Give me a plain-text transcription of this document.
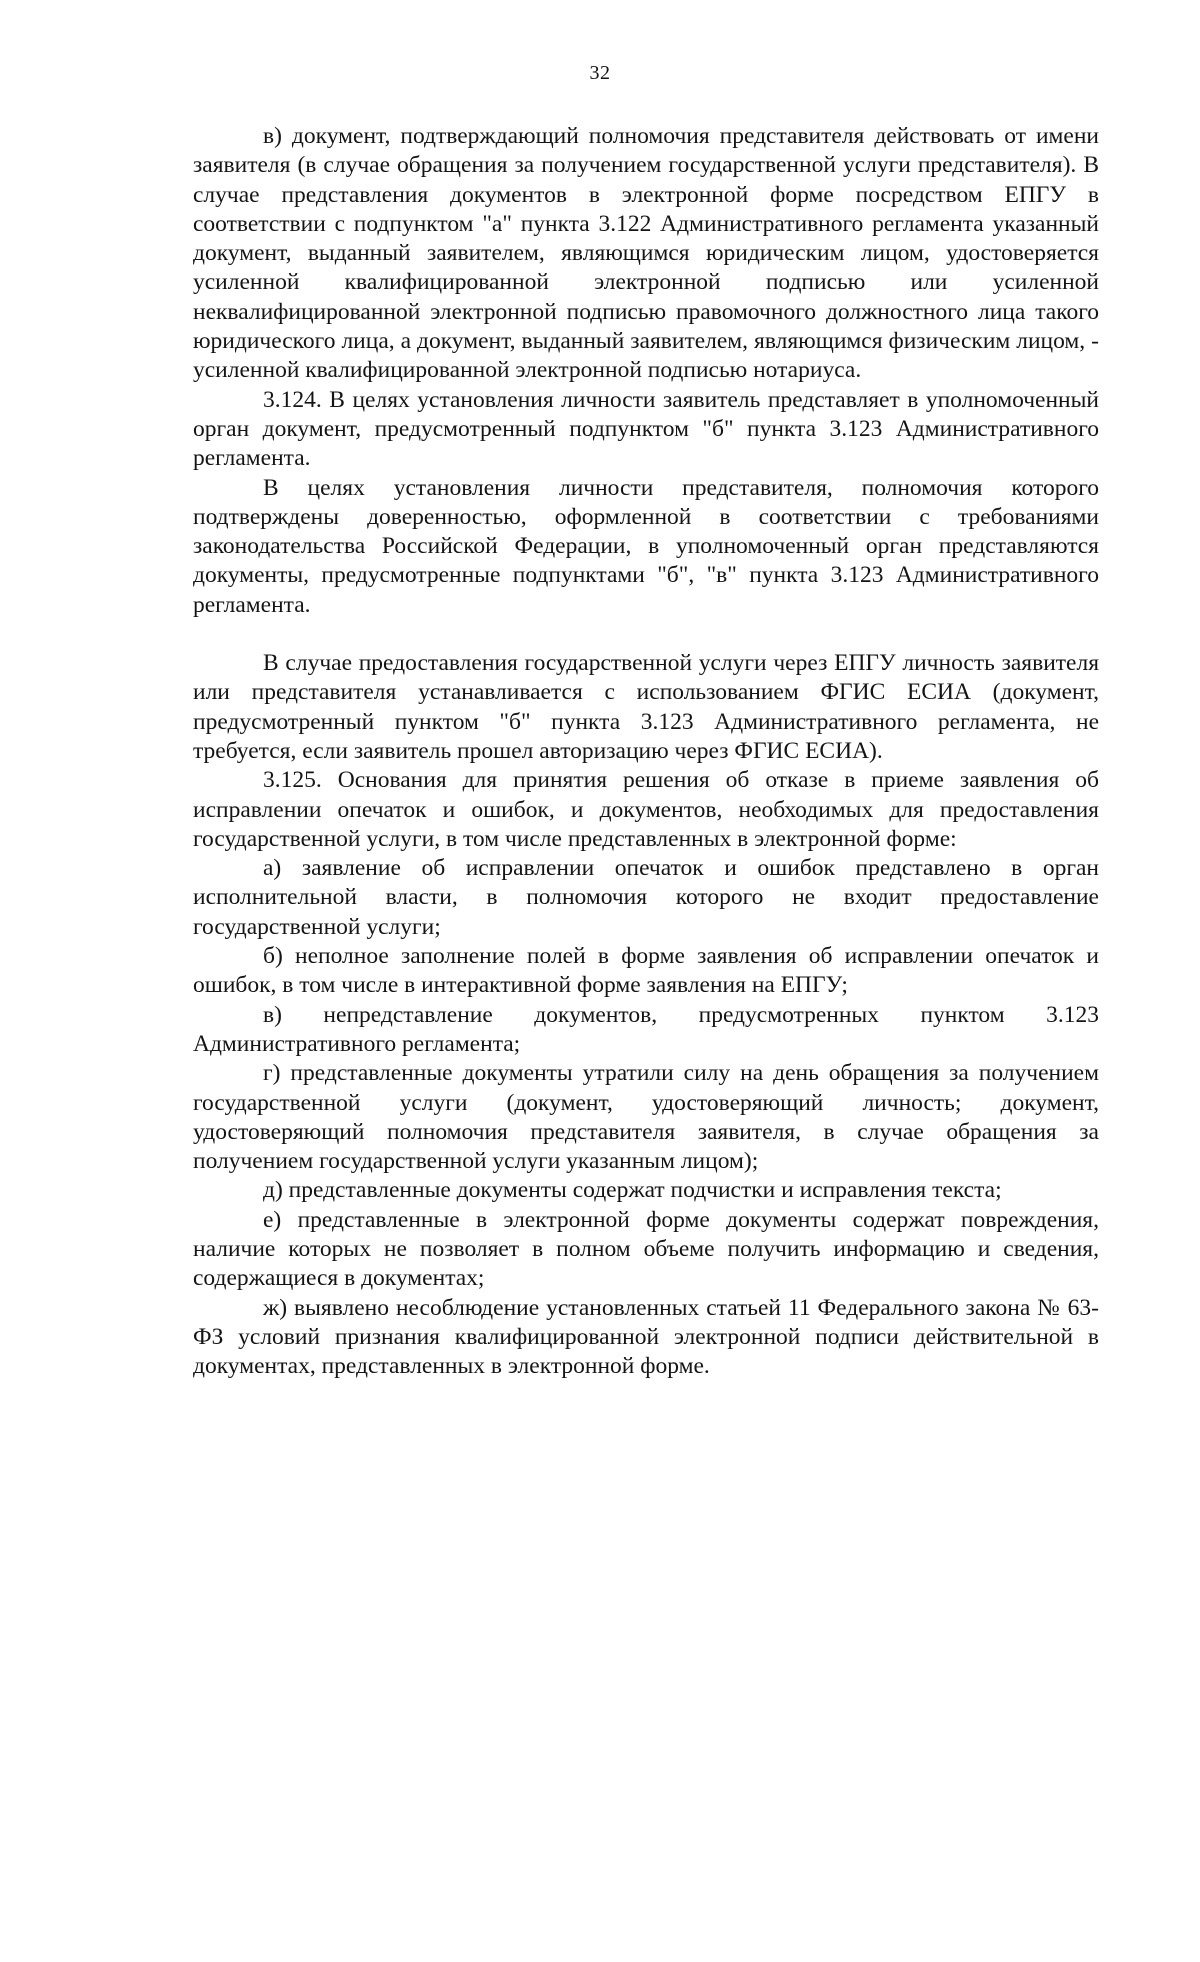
32

в) документ, подтверждающий полномочия представителя действовать от имени заявителя (в случае обращения за получением государственной услуги представителя). В случае представления документов в электронной форме посредством ЕПГУ в соответствии с подпунктом "а" пункта 3.122 Административного регламента указанный документ, выданный заявителем, являющимся юридическим лицом, удостоверяется усиленной квалифицированной электронной подписью или усиленной неквалифицированной электронной подписью правомочного должностного лица такого юридического лица, а документ, выданный заявителем, являющимся физическим лицом, - усиленной квалифицированной электронной подписью нотариуса.

3.124. В целях установления личности заявитель представляет в уполномоченный орган документ, предусмотренный подпунктом "б" пункта 3.123 Административного регламента.

В целях установления личности представителя, полномочия которого подтверждены доверенностью, оформленной в соответствии с требованиями законодательства Российской Федерации, в уполномоченный орган представляются документы, предусмотренные подпунктами "б", "в" пункта 3.123 Административного регламента.

В случае предоставления государственной услуги через ЕПГУ личность заявителя или представителя устанавливается с использованием ФГИС ЕСИА (документ, предусмотренный пунктом "б" пункта 3.123 Административного регламента, не требуется, если заявитель прошел авторизацию через ФГИС ЕСИА).

3.125. Основания для принятия решения об отказе в приеме заявления об исправлении опечаток и ошибок, и документов, необходимых для предоставления государственной услуги, в том числе представленных в электронной форме:

а) заявление об исправлении опечаток и ошибок представлено в орган исполнительной власти, в полномочия которого не входит предоставление государственной услуги;

б) неполное заполнение полей в форме заявления об исправлении опечаток и ошибок, в том числе в интерактивной форме заявления на ЕПГУ;

в) непредставление документов, предусмотренных пунктом 3.123 Административного регламента;

г) представленные документы утратили силу на день обращения за получением государственной услуги (документ, удостоверяющий личность; документ, удостоверяющий полномочия представителя заявителя, в случае обращения за получением государственной услуги указанным лицом);

д) представленные документы содержат подчистки и исправления текста;

е) представленные в электронной форме документы содержат повреждения, наличие которых не позволяет в полном объеме получить информацию и сведения, содержащиеся в документах;

ж) выявлено несоблюдение установленных статьей 11 Федерального закона № 63-ФЗ условий признания квалифицированной электронной подписи действительной в документах, представленных в электронной форме.
